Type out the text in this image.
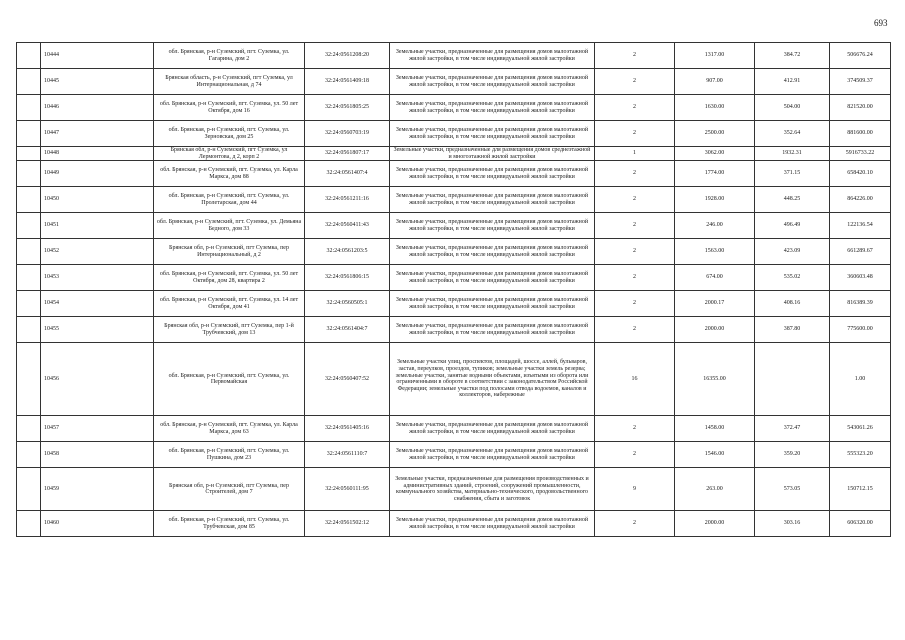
693
	10444	обл. Брянская, р-н Суземский, пгт. Суземка, ул. Гагарина, дом 2	32:24:0561208:20	Земельные участки, предназначенные для размещения домов малоэтажной жилой застройки, в том числе индивидуальной жилой застройки	2	1317.00	384.72	506676.24
	10445	Брянская область, р-н Суземский, пгт Суземка, ул Интернациональная, д 74	32:24:0561409:18	Земельные участки, предназначенные для размещения домов малоэтажной жилой застройки, в том числе индивидуальной жилой застройки	2	907.00	412.91	374509.37
	10446	обл. Брянская, р-н Суземский, пгт. Суземка, ул. 50 лет Октября, дом 16	32:24:0561805:25	Земельные участки, предназначенные для размещения домов малоэтажной жилой застройки, в том числе индивидуальной жилой застройки	2	1630.00	504.00	821520.00
	10447	обл. Брянская, р-н Суземский, пгт. Суземка, ул. Зерновская, дом 25	32:24:0560703:19	Земельные участки, предназначенные для размещения домов малоэтажной жилой застройки, в том числе индивидуальной жилой застройки	2	2500.00	352.64	881600.00
	10448	Брянская обл, р-н Суземский, пгт Суземка, ул Лермонтова, д 2, корп 2	32:24:0561807:17	Земельные участки, предназначенные для размещения домов среднеэтажной и многоэтажной жилой застройки	1	3062.00	1932.31	5916733.22
	10449	обл. Брянская, р-н Суземский, пгт. Суземка, ул. Карла Маркса, дом 88	32:24:0561407:4	Земельные участки, предназначенные для размещения домов малоэтажной жилой застройки, в том числе индивидуальной жилой застройки	2	1774.00	371.15	658420.10
	10450	обл. Брянская, р-н Суземский, пгт. Суземка, ул. Пролетарская, дом 44	32:24:0561211:16	Земельные участки, предназначенные для размещения домов малоэтажной жилой застройки, в том числе индивидуальной жилой застройки	2	1928.00	448.25	864226.00
	10451	обл. Брянская, р-н Суземский, пгт. Суземка, ул. Демьяна Бедного, дом 33	32:24:0560411:43	Земельные участки, предназначенные для размещения домов малоэтажной жилой застройки, в том числе индивидуальной жилой застройки	2	246.00	496.49	122136.54
	10452	Брянская обл, р-н Суземский, пгт Суземка, пер Интернациональный, д 2	32:24:0561203:5	Земельные участки, предназначенные для размещения домов малоэтажной жилой застройки, в том числе индивидуальной жилой застройки	2	1563.00	423.09	661289.67
	10453	обл. Брянская, р-н Суземский, пгт. Суземка, ул. 50 лет Октября, дом 28, квартира 2	32:24:0561806:15	Земельные участки, предназначенные для размещения домов малоэтажной жилой застройки, в том числе индивидуальной жилой застройки	2	674.00	535.02	360603.48
	10454	обл. Брянская, р-н Суземский, пгт. Суземка, ул. 14 лет Октября, дом 41	32:24:0560505:1	Земельные участки, предназначенные для размещения домов малоэтажной жилой застройки, в том числе индивидуальной жилой застройки	2	2000.17	408.16	816389.39
	10455	Брянская обл, р-н Суземский, пгт Суземка, пер 1-й Трубчевский, дом 13	32:24:0561404:7	Земельные участки, предназначенные для размещения домов малоэтажной жилой застройки, в том числе индивидуальной жилой застройки	2	2000.00	387.80	775600.00
	10456	обл. Брянская, р-н Суземский, пгт. Суземка, ул. Первомайская	32:24:0560407:52	Земельные участки улиц, проспектов, площадей, шоссе, аллей, бульваров, застав, переулков, проездов, тупиков; земельные участки земель резерва; земельные участки, занятые водными объектами, изъятыми из оборота или ограниченными в обороте в соответствии с законодательством Российской Федерации; земельные участки под полосами отвода водоемов, каналов и коллекторов, набережные	16	16355.00		1.00
	10457	обл. Брянская, р-н Суземский, пгт. Суземка, ул. Карла Маркса, дом 63	32:24:0561405:16	Земельные участки, предназначенные для размещения домов малоэтажной жилой застройки, в том числе индивидуальной жилой застройки	2	1458.00	372.47	543061.26
	10458	обл. Брянская, р-н Суземский, пгт. Суземка, ул. Пушкина, дом 23	32:24:0561110:7	Земельные участки, предназначенные для размещения домов малоэтажной жилой застройки, в том числе индивидуальной жилой застройки	2	1546.00	359.20	555323.20
	10459	Брянская обл, р-н Суземский, пгт Суземка, пер Строителей, дом 7	32:24:0560111:95	Земельные участки, предназначенные для размещения производственных и административных зданий, строений, сооружений промышленности, коммунального хозяйства, материально-технического, продовольственного снабжения, сбыта и заготовок	9	263.00	573.05	150712.15
	10460	обл. Брянская, р-н Суземский, пгт. Суземка, ул. Трубчевская, дом 85	32:24:0561502:12	Земельные участки, предназначенные для размещения домов малоэтажной жилой застройки, в том числе индивидуальной жилой застройки	2	2000.00	303.16	606320.00
